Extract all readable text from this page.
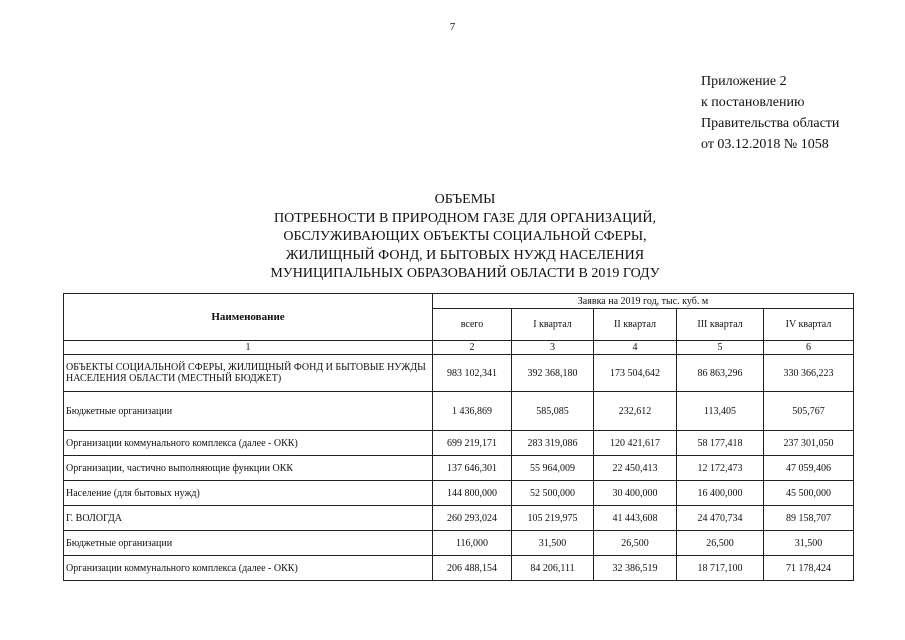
7
Приложение 2
к постановлению
Правительства области
от 03.12.2018 № 1058
ОБЪЕМЫ
ПОТРЕБНОСТИ В ПРИРОДНОМ ГАЗЕ ДЛЯ ОРГАНИЗАЦИЙ,
ОБСЛУЖИВАЮЩИХ ОБЪЕКТЫ СОЦИАЛЬНОЙ СФЕРЫ,
ЖИЛИЩНЫЙ ФОНД, И БЫТОВЫХ НУЖД НАСЕЛЕНИЯ
МУНИЦИПАЛЬНЫХ ОБРАЗОВАНИЙ ОБЛАСТИ В 2019 ГОДУ
Наименование	Заявка на 2019 год, тыс. куб. м				
	всего	I квартал	II квартал	III квартал	IV квартал
1	2	3	4	5	6
ОБЪЕКТЫ СОЦИАЛЬНОЙ СФЕРЫ, ЖИЛИЩНЫЙ ФОНД И БЫТОВЫЕ НУЖДЫ НАСЕЛЕНИЯ ОБЛАСТИ (МЕСТНЫЙ БЮДЖЕТ)	983 102,341	392 368,180	173 504,642	86 863,296	330 366,223
Бюджетные организации	1 436,869	585,085	232,612	113,405	505,767
Организации коммунального комплекса (далее - ОКК)	699 219,171	283 319,086	120 421,617	58 177,418	237 301,050
Организации, частично выполняющие функции ОКК	137 646,301	55 964,009	22 450,413	12 172,473	47 059,406
Население (для бытовых нужд)	144 800,000	52 500,000	30 400,000	16 400,000	45 500,000
Г. ВОЛОГДА	260 293,024	105 219,975	41 443,608	24 470,734	89 158,707
Бюджетные организации	116,000	31,500	26,500	26,500	31,500
Организации коммунального комплекса (далее - ОКК)	206 488,154	84 206,111	32 386,519	18 717,100	71 178,424
